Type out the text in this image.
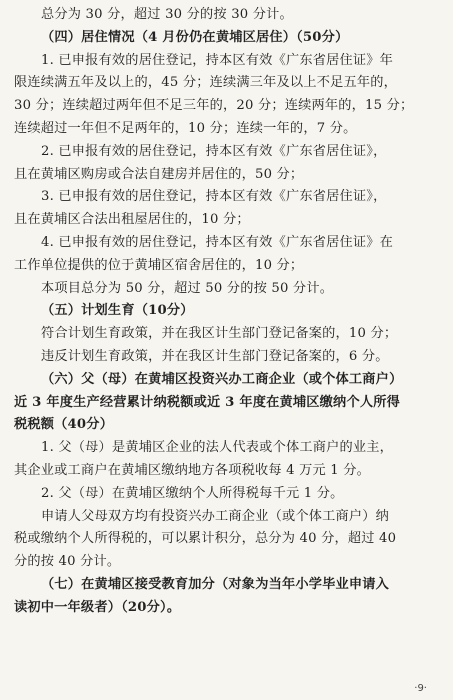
总分为 30 分，超过 30 分的按 30 分计。
（四）居住情况（4 月份仍在黄埔区居住）（50分）
1. 已申报有效的居住登记，持本区有效《广东省居住证》年
限连续满五年及以上的，45 分；连续满三年及以上不足五年的，
30 分；连续超过两年但不足三年的，20 分；连续两年的，15 分；
连续超过一年但不足两年的，10 分；连续一年的，7 分。
2. 已申报有效的居住登记，持本区有效《广东省居住证》，
且在黄埔区购房或合法自建房并居住的，50 分；
3. 已申报有效的居住登记，持本区有效《广东省居住证》，
且在黄埔区合法出租屋居住的，10 分；
4. 已申报有效的居住登记，持本区有效《广东省居住证》在
工作单位提供的位于黄埔区宿舍居住的，10 分；
本项目总分为 50 分，超过 50 分的按 50 分计。
（五）计划生育（10分）
符合计划生育政策，并在我区计生部门登记备案的，10 分；
违反计划生育政策，并在我区计生部门登记备案的，6 分。
（六）父（母）在黄埔区投资兴办工商企业（或个体工商户）
近 3 年度生产经营累计纳税额或近 3 年度在黄埔区缴纳个人所得
税税额（40分）
1. 父（母）是黄埔区企业的法人代表或个体工商户的业主，
其企业或工商户在黄埔区缴纳地方各项税收每 4 万元 1 分。
2. 父（母）在黄埔区缴纳个人所得税每千元 1 分。
申请人父母双方均有投资兴办工商企业（或个体工商户）纳
税或缴纳个人所得税的，可以累计积分，总分为 40 分，超过 40
分的按 40 分计。
（七）在黄埔区接受教育加分（对象为当年小学毕业申请入
读初中一年级者）（20分）。
·9·
